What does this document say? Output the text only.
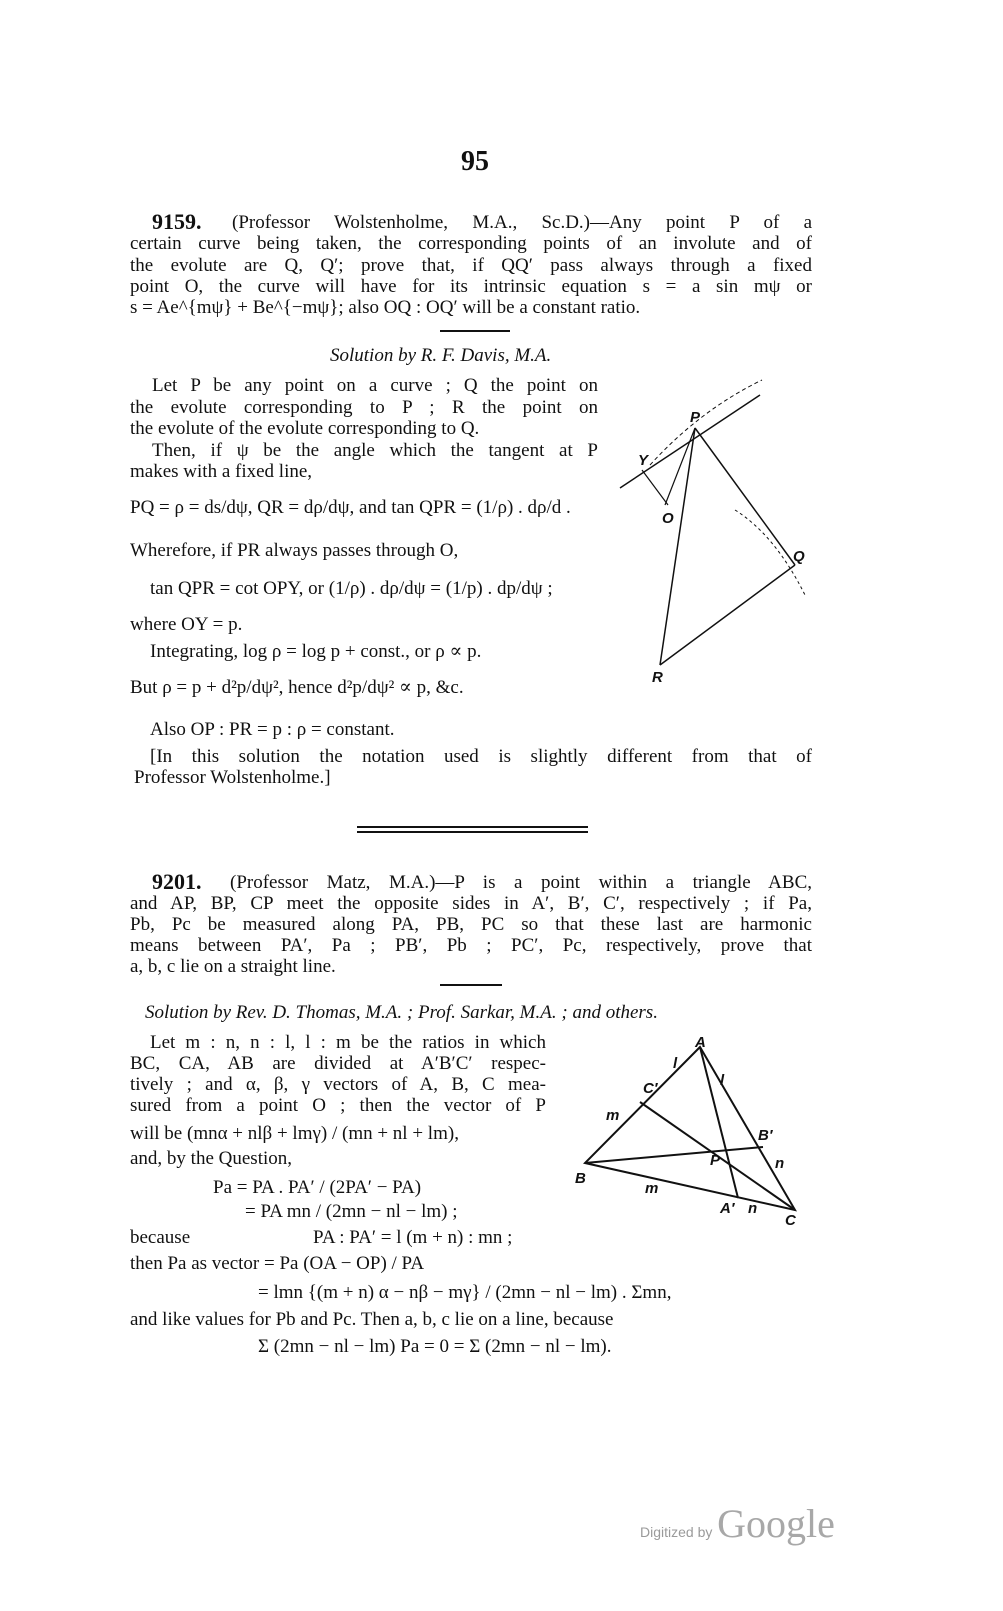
95
9159. (Professor Wolstenholme, M.A., Sc.D.)—Any point P of a
certain curve being taken, the corresponding points of an involute and of
the evolute are Q, Q′; prove that, if QQ′ pass always through a fixed
point O, the curve will have for its intrinsic equation s = a sin mψ or
s = Ae^{mψ} + Be^{−mψ}; also OQ : OQ′ will be a constant ratio.
Solution by R. F. Davis, M.A.
Let P be any point on a curve ; Q the point on
the evolute corresponding to P ; R the point on
the evolute of the evolute corresponding to Q.
Then, if ψ be the angle which the tangent at P
makes with a fixed line,
PQ = ρ = ds/dψ, QR = dρ/dψ, and tan QPR = (1/ρ) . dρ/d .
Wherefore, if PR always passes through O,
tan QPR = cot OPY, or (1/ρ) . dρ/dψ = (1/p) . dp/dψ ;
where OY = p.
Integrating, log ρ = log p + const., or ρ ∝ p.
But ρ = p + d²p/dψ², hence d²p/dψ² ∝ p, &c.
Also OP : PR = p : ρ = constant.
[In this solution the notation used is slightly different from that of
Professor Wolstenholme.]
P
Y
O
Q
R
9201. (Professor Matz, M.A.)—P is a point within a triangle ABC,
and AP, BP, CP meet the opposite sides in A′, B′, C′, respectively ; if Pa,
Pb, Pc be measured along PA, PB, PC so that these last are harmonic
means between PA′, Pa ; PB′, Pb ; PC′, Pc, respectively, prove that
a, b, c lie on a straight line.
Solution by Rev. D. Thomas, M.A. ; Prof. Sarkar, M.A. ; and others.
Let m : n, n : l, l : m be the ratios in which
BC, CA, AB are divided at A′B′C′ respec-
tively ; and α, β, γ vectors of A, B, C mea-
sured from a point O ; then the vector of P
will be (mnα + nlβ + lmγ) / (mn + nl + lm),
and, by the Question,
Pa = PA . PA′ / (2PA′ − PA)
= PA mn / (2mn − nl − lm) ;
because	PA : PA′ = l (m + n) : mn ;
then Pa as vector = Pa (OA − OP) / PA
= lmn {(m + n) α − nβ − mγ} / (2mn − nl − lm) . Σmn,
and like values for Pb and Pc. Then a, b, c lie on a line, because
Σ (2mn − nl − lm) Pa = 0 = Σ (2mn − nl − lm).
A
B
C
A′
B′
C′
P
l
l
m
m
n
n
Digitized by Google
